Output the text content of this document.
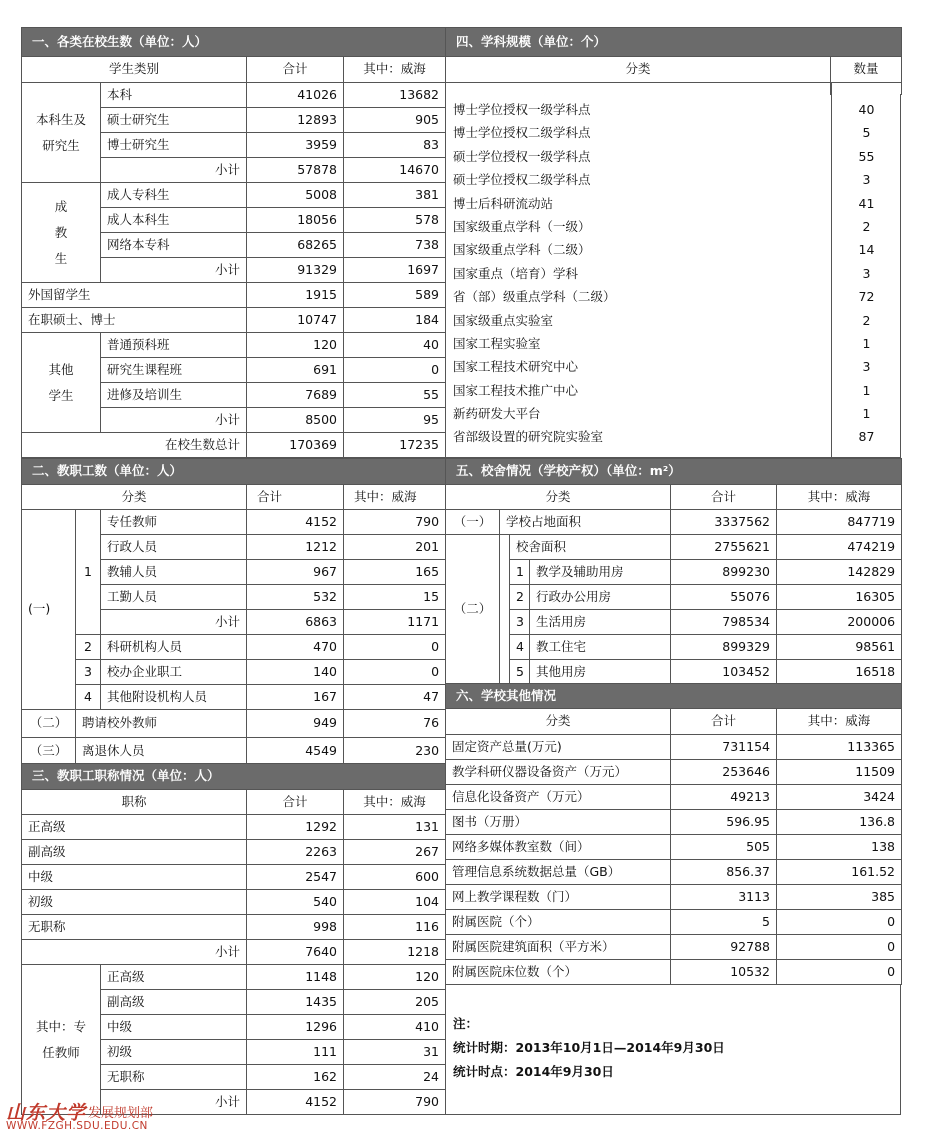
一、各类在校生数（单位：人）			
学生类别		合计	其中：威海
本科生及研究生	本科	41026	13682
	硕士研究生	12893	905
	博士研究生	3959	83
	小计	57878	14670
成教生	成人专科生	5008	381
	成人本科生	18056	578
	网络本专科	68265	738
	小计	91329	1697
外国留学生		1915	589
在职硕士、博士		10747	184
其他学生	普通预科班	120	40
	研究生课程班	691	0
	进修及培训生	7689	55
	小计	8500	95
在校生数总计		170369	17235
二、教职工数（单位：人）				
分类			合计	其中：威海
(一)	1	专任教师	4152	790
		行政人员	1212	201
		教辅人员	967	165
		工勤人员	532	15
		小计	6863	1171
	2	科研机构人员	470	0
	3	校办企业职工	140	0
	4	其他附设机构人员	167	47
（二）	聘请校外教师		949	76
（三）	离退休人员		4549	230
三、教职工职称情况（单位：人）			
职称		合计	其中：威海
正高级		1292	131
副高级		2263	267
中级		2547	600
初级		540	104
无职称		998	116
小计		7640	1218
其中：专任教师	正高级	1148	120
	副高级	1435	205
	中级	1296	410
	初级	111	31
	无职称	162	24
	小计	4152	790
四、学科规模（单位：个）	
分类	数量

博士学位授权一级学科点	40
博士学位授权二级学科点	5
硕士学位授权一级学科点	55
硕士学位授权二级学科点	3
博士后科研流动站	41
国家级重点学科（一级）	2
国家级重点学科（二级）	14
国家重点（培育）学科	3
省（部）级重点学科（二级）	72
国家级重点实验室	2
国家工程实验室	1
国家工程技术研究中心	3
国家工程技术推广中心	1
新药研发大平台	1
省部级设置的研究院实验室	87
五、校舍情况（学校产权）（单位：m²）					
分类				合计	其中：威海
（一）	学校占地面积			3337562	847719
（二）		校舍面积		2755621	474219
		1	教学及辅助用房	899230	142829
		2	行政办公用房	55076	16305
		3	生活用房	798534	200006
		4	教工住宅	899329	98561
		5	其他用房	103452	16518
六、学校其他情况		
分类	合计	其中：威海
固定资产总量(万元)	731154	113365
教学科研仪器设备资产（万元）	253646	11509
信息化设备资产（万元）	49213	3424
图书（万册）	596.95	136.8
网络多媒体教室数（间）	505	138
管理信息系统数据总量（GB）	856.37	161.52
网上教学课程数（门）	3113	385
附属医院（个）	5	0
附属医院建筑面积（平方米）	92788	0
附属医院床位数（个）	10532	0
注：
统计时期：2013年10月1日—2014年9月30日
统计时点：2014年9月30日
山东大学 发展规划部
WWW.FZGH.SDU.EDU.CN
